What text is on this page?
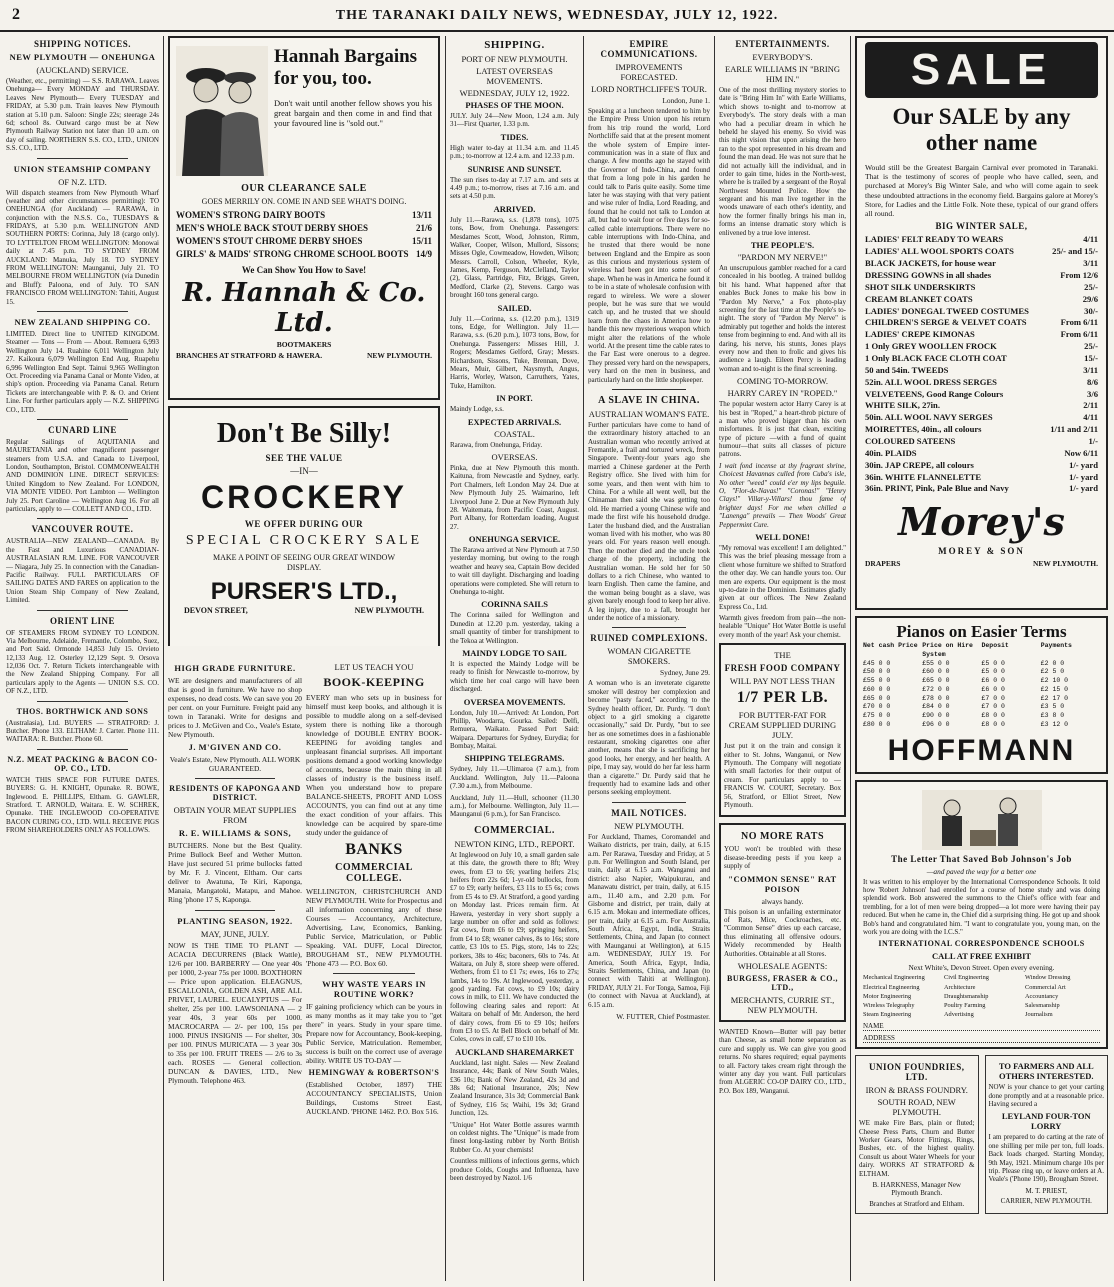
2	THE TARANAKI DAILY NEWS, WEDNESDAY, JULY 12, 1922.
SHIPPING NOTICES.
NEW PLYMOUTH — ONEHUNGA
(AUCKLAND) SERVICE.

(Weather, etc., permitting) — S.S. RARAWA. Leaves Onehunga— Every MONDAY and THURSDAY. Leaves New Plymouth— Every TUESDAY and FRIDAY, at 5.30 p.m. Train leaves New Plymouth station at 5.10 p.m. Saloon: Single 22s; steerage 24s 6d; school 8s. Outward cargo must be at New Plymouth Railway Station not later than 10 a.m. on day of sailing. NORTHERN S.S. CO., LTD., UNION S.S. CO., LTD.

UNION STEAMSHIP COMPANY
OF N.Z. LTD.

Will dispatch steamers from New Plymouth Wharf (weather and other circumstances permitting): TO ONEHUNGA (for Auckland) — RARAWA, in conjunction with the N.S.S. Co., TUESDAYS & FRIDAYS, at 5.30 p.m. WELLINGTON AND SOUTHERN PORTS: Corinna, July 18 (cargo only). TO LYTTELTON FROM WELLINGTON: Monowai daily at 7.45 p.m. TO SYDNEY FROM AUCKLAND: Manuka, July 18. TO SYDNEY FROM WELLINGTON: Maunganui, July 21. TO MELBOURNE FROM WELLINGTON (via Dunedin and Bluff): Paloona, end of July. TO SAN FRANCISCO FROM WELLINGTON: Tahiti, August 15.

NEW ZEALAND SHIPPING CO.

LIMITED. Direct line to UNITED KINGDOM. Steamer — Tons — From — About. Remuera 6,993 Wellington July 14. Ruahine 6,011 Wellington July 27. Kaikoura 6,079 Wellington End Aug. Ruapehu 6,996 Wellington End Sept. Tainui 9,965 Wellington Oct. Proceeding via Panama Canal or Monte Video, at ship's option. Proceeding via Panama Canal. Return Tickets are interchangeable with P. & O. and Orient Line. For further particulars apply — N.Z. SHIPPING CO., LTD.

CUNARD LINE

Regular Sailings of AQUITANIA and MAURETANIA and other magnificent passenger steamers from U.S.A. and Canada to Liverpool, London, Southampton, Bristol. COMMONWEALTH AND DOMINION LINE. DIRECT SERVICES: United Kingdom to New Zealand. For LONDON, VIA MONTE VIDEO. Port Lambton — Wellington July 25. Port Caroline — Wellington Aug 16. For all particulars, apply to — COLLETT AND CO., LTD.

VANCOUVER ROUTE.

AUSTRALIA—NEW ZEALAND—CANADA. By the Fast and Luxurious CANADIAN-AUSTRALASIAN R.M. LINE. FOR VANCOUVER — Niagara, July 25. In connection with the Canadian-Pacific Railway. FULL PARTICULARS OF SAILING DATES AND FARES on application to the Union Steam Ship Company of New Zealand, Limited.

ORIENT LINE

OF STEAMERS FROM SYDNEY TO LONDON. Via Melbourne, Adelaide, Fremantle, Colombo, Suez, and Port Said. Ormonde 14,853 July 15. Orvieto 12,133 Aug. 12. Osterley 12,129 Sept. 9. Orsova 12,036 Oct. 7. Return Tickets interchangeable with the New Zealand Shipping Company. For all particulars apply to the Agents — UNION S.S. CO. OF N.Z., LTD.

THOS. BORTHWICK AND SONS

(Australasia), Ltd. BUYERS — STRATFORD: J. Butcher. Phone 133. ELTHAM: J. Carter. Phone 111. WAITARA: R. Butcher. Phone 60.

N.Z. MEAT PACKING & BACON CO-OP. CO., LTD.

WATCH THIS SPACE FOR FUTURE DATES. BUYERS: G. H. KNIGHT, Opunake. R. BOWE, Inglewood. E. PHILLIPS, Eltham. G. GAWLER, Stratford. T. ARNOLD, Waitara. E. W. SCHREK, Opunake. THE INGLEWOOD CO-OPERATIVE BACON CURING CO., LTD. WILL RECEIVE PIGS FROM SHAREHOLDERS ONLY AS FOLLOWS.

Hannah Bargains for you, too.

Don't wait until another fellow shows you his great bargain and then come in and find that your favoured line is "sold out."

OUR CLEARANCE SALE
GOES MERRILY ON. COME IN AND SEE WHAT'S DOING.
WOMEN'S STRONG DAIRY BOOTS	13/11
MEN'S WHOLE BACK STOUT DERBY SHOES	21/6
WOMEN'S STOUT CHROME DERBY SHOES	15/11
GIRLS' & MAIDS' STRONG CHROME SCHOOL BOOTS 14/9
We Can Show You How to Save!
R. Hannah & Co. Ltd.
BOOTMAKERS
BRANCHES AT STRATFORD & HAWERA.	NEW PLYMOUTH.
Don't Be Silly!
SEE THE VALUE
—IN—
CROCKERY
WE OFFER DURING OUR
SPECIAL CROCKERY SALE
MAKE A POINT OF SEEING OUR GREAT WINDOW DISPLAY.
PURSER'S LTD.,
DEVON STREET,	NEW PLYMOUTH.
HIGH GRADE FURNITURE.

WE are designers and manufacturers of all that is good in furniture. We have no shop expenses, no dead costs. We can save you 20 per cent. on your Furniture. Freight paid any town in Taranaki. Write for designs and prices to J. McGiven and Co., Veale's Estate, New Plymouth.

J. M'GIVEN AND CO.
Veale's Estate, New Plymouth. ALL WORK GUARANTEED.
RESIDENTS OF KAPONGA AND DISTRICT.
OBTAIN YOUR MEAT SUPPLIES FROM
R. E. WILLIAMS & SONS,

BUTCHERS. None but the Best Quality. Prime Bullock Beef and Wether Mutton. Have just secured 51 prime bullocks fatted by Mr. F. J. Vincent, Eltham. Our carts deliver to Awatuna, Te Kiri, Kaponga, Manaia, Mangatoki, Matapu, and Mahoe. Ring 'phone 17 S, Kaponga.

PLANTING SEASON, 1922.
MAY, JUNE, JULY.

NOW IS THE TIME TO PLANT — ACACIA DECURRENS (Black Wattle), 12/6 per 100. BARBERRY — One year 40s per 1000, 2-year 75s per 1000. BOXTHORN — Price upon application. ELEAGNUS, ESCALLONIA, GOLDEN ASH, ARE ALL PRIVET, LAUREL. EUCALYPTUS — For shelter, 25s per 100. LAWSONIANA — 2 year 40s, 3 year 60s per 1000. MACROCARPA — 2/- per 100, 15s per 1000. PINUS INSIGNIS — For shelter, 30s per 100. PINUS MURICATA — 3 year 30s to 35s per 100. FRUIT TREES — 2/6 to 3s each. ROSES — General collection. DUNCAN & DAVIES, LTD., New Plymouth. Telephone 463.

LET US TEACH YOU
BOOK-KEEPING

EVERY man who sets up in business for himself must keep books, and although it is possible to muddle along on a self-devised system there is nothing like a thorough knowledge of DOUBLE ENTRY BOOK-KEEPING for avoiding tangles and unpleasant financial surprises. All important positions demand a good working knowledge of accounts, because the main thing in all classes of industry is the business itself. When you understand how to prepare BALANCE-SHEETS, PROFIT AND LOSS ACCOUNTS, you can find out at any time the exact condition of your affairs. This knowledge can be acquired by spare-time study under the guidance of

BANKS
COMMERCIAL COLLEGE.

WELLINGTON, CHRISTCHURCH AND NEW PLYMOUTH. Write for Prospectus and all information concerning any of these Courses — Accountancy, Architecture, Advertising, Law, Economics, Banking, Public Service, Matriculation, or Public Speaking. VAL DUFF, Local Director, BROUGHAM ST., NEW PLYMOUTH. 'Phone 473 — P.O. Box 60.

WHY WASTE YEARS IN ROUTINE WORK?

IF gaining proficiency which can be yours in as many months as it may take you to "get there" in years. Study in your spare time. Prepare now for Accountancy, Book-keeping, Public Service, Matriculation. Remember, success is built on the correct use of average ability. WRITE US TO-DAY —

HEMINGWAY & ROBERTSON'S

(Established October, 1897) THE ACCOUNTANCY SPECIALISTS, Union Buildings, Customs Street East, AUCKLAND. 'PHONE 1462. P.O. Box 516.

SHIPPING.
PORT OF NEW PLYMOUTH.
LATEST OVERSEAS MOVEMENTS.
WEDNESDAY, JULY 12, 1922.
PHASES OF THE MOON.

JULY. July 24—New Moon, 1.24 a.m. July 31—First Quarter, 1.33 p.m.

TIDES.

High water to-day at 11.34 a.m. and 11.45 p.m.; to-morrow at 12.4 a.m. and 12.33 p.m.

SUNRISE AND SUNSET.

The sun rises to-day at 7.17 a.m. and sets at 4.49 p.m.; to-morrow, rises at 7.16 a.m. and sets at 4.50 p.m.

ARRIVED.

July 11.—Rarawa, s.s. (1,878 tons), 1075 tons, Bow, from Onehunga. Passengers: Mesdames Scott, Wood, Johnston, Rimm, Walker, Cooper, Wilson, Mullord, Sissons; Misses Ogle, Cowmeadow, Howden, Wilson; Messrs. Carroll, Colson, Wheeler, Kyle, James, Kemp, Ferguson, McClelland, Taylor (2), Glass, Partridge, Fitz, Briggs, Green, Medford, Clarke (2), Stevens. Cargo was brought 160 tons general cargo.

SAILED.

July 11.—Corinna, s.s. (12.20 p.m.), 1319 tons, Edge, for Wellington. July 11.—Rarawa, s.s. (6.20 p.m.), 1073 tons, Bow, for Onehunga. Passengers: Misses Hill, J. Rogers; Mesdames Gelford, Gray; Messrs. Richardson, Sissons, Tuke, Brennan, Dove, Mears, Muir, Gilbert, Naysmyth, Angus, Harris, Worley, Watson, Carruthers, Yates, Tuke, Hamilton.

IN PORT.

Maindy Lodge, s.s.

EXPECTED ARRIVALS.
COASTAL.

Rarawa, from Onehunga, Friday.

OVERSEAS.

Pinka, due at New Plymouth this month. Kaituna, from Newcastle and Sydney, early. Port Chalmers, left London May 24. Due at New Plymouth July 25. Waimarino, left Liverpool June 2. Due at New Plymouth July 28. Waitemata, from Pacific Coast, August. Port Albany, for Rotterdam loading, August 27.

ONEHUNGA SERVICE.

The Rarawa arrived at New Plymouth at 7.50 yesterday morning, but owing to the rough weather and heavy sea, Captain Bow decided to wait till daylight. Discharging and loading operations were completed. She will return to Onehunga to-night.

CORINNA SAILS

The Corinna sailed for Wellington and Dunedin at 12.20 p.m. yesterday, taking a small quantity of timber for transhipment to the Tekoa at Wellington.

MAINDY LODGE TO SAIL

It is expected the Maindy Lodge will be ready to finish for Newcastle to-morrow, by which time her coal cargo will have been discharged.

OVERSEA MOVEMENTS.

London, July 10.—Arrived: At London, Port Phillip, Woodarra, Gourka. Sailed: Delfi, Remuera, Waikato. Passed Port Said: Waipara. Departures for Sydney, Eurydia; for Bombay, Maitai.

SHIPPING TELEGRAMS.

Sydney, July 11.—Ulimaroa (7 a.m.), from Auckland. Wellington, July 11.—Paloona (7.30 a.m.), from Melbourne.

Auckland, July 11.—Hull, schooner (11.30 a.m.), for Melbourne. Wellington, July 11.—Maunganui (6 p.m.), for San Francisco.

COMMERCIAL.
NEWTON KING, LTD., REPORT.

At Inglewood on July 10, a small garden sale at this date, the growth there to 8ft; Wrey ewes, from £3 to £6; yearling heifers 21s; heifers from 22s 6d; 1-yr-old bullocks, from £7 to £9; early heifers, £3 11s to £5 6s; cows from £5 4s to £9. At Stratford, a good yarding on Monday last. Prices remain firm. At Hawera, yesterday in very short supply a large number on offer and sold as follows: Fat cows, from £6 to £9; springing heifers, from £4 to £8; weaner calves, 8s to 16s; store cattle, £3 10s to £5. Pigs, store, 14s to 22s; porkers, 38s to 46s; baconers, 60s to 74s. At Waitara, on July 8, store sheep were offered. Wethers, from £1 to £1 7s; ewes, 16s to 27s; lambs, 14s to 19s. At Inglewood, yesterday, a good yarding. Fat cows, to £9 10s; dairy cows in milk, to £11. We have conducted the following clearing sales and report: At Waitara on behalf of Mr. Anderson, the herd of dairy cows, from £6 to £9 10s; heifers from £3 to £5. At Bell Block on behalf of Mr. Coles, cows in calf, £7 to £10 10s.

AUCKLAND SHAREMARKET

Auckland, last night. Sales — New Zealand Insurance, 44s; Bank of New South Wales, £36 10s; Bank of New Zealand, 42s 3d and 38s 6d; National Insurance, 20s; New Zealand Insurance, 31s 3d; Commercial Bank of Sydney, £16 5s; Waihi, 19s 3d; Grand Junction, 12s.

"Unique" Hot Water Bottle assures warmth on coldest nights. The "Unique" is made from finest long-lasting rubber by North British Rubber Co. At your chemists!

Countless millions of infectious germs, which produce Colds, Coughs and Influenza, have been destroyed by Nazol. 1/6

EMPIRE COMMUNICATIONS.
IMPROVEMENTS FORECASTED.
LORD NORTHCLIFFE'S TOUR.
London, June 1.

Speaking at a luncheon tendered to him by the Empire Press Union upon his return from his trip round the world, Lord Northcliffe said that at the present moment the whole system of Empire inter-communication was in a state of flux and change. A few months ago he stayed with the Governor of Indo-China, and found that from a long pole in his garden he could talk to Paris quite easily. Some time later he was staying with that very patient and wise ruler of India, Lord Reading, and found that he could not talk to London at all, but had to wait four or five days for so-called cable interruptions. There were no cable interruptions with Indo-China, and he trusted that there would be none between England and the Empire as soon as this curious and mysterious system of wireless had been got into some sort of shape. When he was in America he found it to be in a state of wholesale confusion with regard to wireless. We were a slower people, but he was sure that we would catch up, and he trusted that we should learn from the chaos in America how to handle this new mysterious weapon which might alter the relations of the whole world. At the present time the cable rates to the Far East were onerous to a degree. They pressed very hard on the newspapers, very hard on the men in business, and particularly hard on the little shopkeeper.

A SLAVE IN CHINA.
AUSTRALIAN WOMAN'S FATE.

Further particulars have come to hand of the extraordinary history attached to an Australian woman who recently arrived at Fremantle, a frail and tortured wreck, from Singapore. Twenty-four years ago she married a Chinese gardener at the Perth Registry office. She lived with him for some years, and then went with him to China. For a while all went well, but the Chinaman then said she was getting too old. He married a young Chinese wife and made the first wife his household drudge. Later the husband died, and the Australian woman lived with his mother, who was 80 years old. For years reason well enough. Then the mother died and the uncle took charge of the property, including the Australian woman. He sold her for 50 dollars to a rich Chinese, who wanted to learn English. Then came the famine, and the woman being bought as a slave, was given barely enough food to keep her alive. A leg injury, due to a fall, brought her under the notice of a missionary.

RUINED COMPLEXIONS.
WOMAN CIGARETTE SMOKERS.
Sydney, June 29.

A woman who is an inveterate cigarette smoker will destroy her complexion and become "pasty faced," according to the Sydney health officer, Dr. Purdy. "I don't object to a girl smoking a cigarette occasionally," said Dr. Purdy, "but to see her as one sometimes does in a fashionable restaurant, smoking cigarettes one after another, means that she is sacrificing her good looks, her energy, and her health. A pipe, I may say, would do her far less harm than a cigarette." Dr. Purdy said that he frequently had to examine lads and other persons seeking employment.

MAIL NOTICES.
NEW PLYMOUTH.

For Auckland, Thames, Coromandel and Waikato districts, per train, daily, at 6.15 a.m. Per Rarawa, Tuesday and Friday, at 5 p.m. For Wellington and South Island, per train, daily at 6.15 a.m. Wanganui and district: also Napier, Waipukurau, and Manawatu district, per train, daily, at 6.15 a.m., 11.40 a.m., and 2.20 p.m. For Gisborne and district, per train, daily at 6.15 a.m. Mokau and intermediate offices, per train, daily at 6.15 a.m. For Australia, South Africa, Egypt, India, Straits Settlements, China, and Japan (to connect with Maunganui at Wellington), at 6.15 a.m. WEDNESDAY, JULY 19. For America, South Africa, Egypt, India, Straits Settlements, China, and Japan (to connect with Tahiti at Wellington). FRIDAY, JULY 21. For Tonga, Samoa, Fiji (to connect with Navua at Auckland), at 6.15 a.m.

W. FUTTER, Chief Postmaster.
ENTERTAINMENTS.
EVERYBODY'S.
EARLE WILLIAMS IN "BRING HIM IN."

One of the most thrilling mystery stories to date is "Bring Him In" with Earle Williams, which shows to-night and to-morrow at Everybody's. The story deals with a man who had a peculiar dream in which he beheld he slayed his enemy. So vivid was this night vision that upon arising the hero ran to the spot represented in his dream and found the man dead. He was not sure that he did not actually kill the individual, and in order to gain time, hides in the North-west, where he is trailed by a sergeant of the Royal Northwest Mounted Police. How the sergeant and his man live together in the woods unaware of each other's identity, and how the former finally brings his man in, forms an intense dramatic story which is enlivened by a true love interest.

THE PEOPLE'S.
"PARDON MY NERVE!"

An unscrupulous gambler reached for a card concealed in his bootleg. A trained bulldog bit his hand. What happened after that enables Buck Jones to make his bow in "Pardon My Nerve," a Fox photo-play screening for the last time at the People's to-night. The story of "Pardon My Nerve" is admirably put together and holds the interest tense from beginning to end. And with all its daring, his nerve, his stunts, Jones plays every now and then to frolic and gives his audience a laugh. Eileen Percy is leading woman and to-night is the final screening.

COMING TO-MORROW.
HARRY CAREY IN "ROPED."

The popular western actor Harry Carey is at his best in "Roped," a heart-throb picture of a man who proved bigger than his own misfortunes. It is just that clean, exciting type of picture —with a fund of quaint humour—that suits all classes of picture patrons.

I wait fond incense at thy fragrant shrine, Choicest Havannas culled from Cuba's isle, No other "weed" could e'er my lips beguile. O, "Flor-de-Navas!" "Coronas!" "Henry Clays!" Villar-y-Villars! thou fame of brighter days! For me when chilled a "Lanenga" prevails — Then Woods' Great Peppermint Cure.

WELL DONE!

"My removal was excellent! I am delighted." This was the brief pleasing message from a client whose furniture we shifted to Stratford the other day. We can handle yours too. Our men are experts. Our equipment is the most up-to-date in the Dominion. Estimates gladly given at our offices. The New Zealand Express Co., Ltd.

Warmth gives freedom from pain—the non-healable "Unique" Hot Water Bottle is useful every month of the year! Ask your chemist.

THE
FRESH FOOD COMPANY
WILL PAY NOT LESS THAN
1/7 PER LB.
FOR BUTTER-FAT FOR CREAM SUPPLIED DURING JULY.

Just put it on the train and consign it either to St. Johns, Wanganui, or New Plymouth. The Company will negotiate with small factories for their output of cream. For particulars apply to — FRANCIS W. COURT, Secretary. Box 56, Stratford, or Elliot Street, New Plymouth.

NO MORE RATS

YOU won't be troubled with these disease-breeding pests if you keep a supply of

"COMMON SENSE" RAT POISON
always handy.

This poison is an unfailing exterminator of Rats, Mice, Cockroaches, etc. "Common Sense" dries up each carcase, thus eliminating all offensive odours. Widely recommended by Health Authorities. Obtainable at all Stores.

WHOLESALE AGENTS:
BURGESS, FRASER & CO., LTD.,
MERCHANTS, CURRIE ST., NEW PLYMOUTH.

WANTED Known—Butter will pay better than Cheese, as small home separation as cure and supply us. We can give you good returns. No shares required; equal payments to all. Factory takes cream right through the winter any day you want. Full particulars from ALGERIC CO-OP DAIRY CO., LTD., P.O. Box 189, Wanganui.

SALE
Our SALE by any other name

Would still be the Greatest Bargain Carnival ever promoted in Taranaki. That is the testimony of scores of people who have called, seen, and purchased at Morey's Big Winter Sale, and who will come again to seek these undoubted attractions in the economy field. Bargains galore at Morey's Store, for Ladies and the Little Folk. Note these, typical of our grand offers all round.

BIG WINTER SALE,
LADIES' FELT READY TO WEARS	4/11
LADIES' ALL WOOL SPORTS COATS	25/- and 15/-
BLACK JACKETS, for house wear	3/11
DRESSING GOWNS in all shades	From 12/6
SHOT SILK UNDERSKIRTS	25/-
CREAM BLANKET COATS	29/6
LADIES' DONEGAL TWEED COSTUMES	30/-
CHILDREN'S SERGE & VELVET COATS	From 6/11
LADIES' CREPE KIMONAS	From 6/11
1 Only GREY WOOLLEN FROCK	25/-
1 Only BLACK FACE CLOTH COAT	15/-
50 and 54in. TWEEDS	3/11
52in. ALL WOOL DRESS SERGES	8/6
VELVETEENS, Good Range Colours	3/6
WHITE SILK, 27in.	2/11
50in. ALL WOOL NAVY SERGES	4/11
MOIRETTES, 40in., all colours	1/11 and 2/11
COLOURED SATEENS	1/-
40in. PLAIDS	Now 6/11
30in. JAP CREPE, all colours	1/- yard
36in. WHITE FLANNELETTE	1/- yard
36in. PRINT, Pink, Pale Blue and Navy	1/- yard
Morey's
MOREY & SON
DRAPERS	NEW PLYMOUTH.
Pianos on Easier Terms
Net cash Price Price on Hire System
Deposit	Payments
£45 0 0	£55 0 0	£5 0 0	£2 0 0
£50 0 0	£60 0 0	£5 0 0	£2 5 0
£55 0 0	£65 0 0	£6 0 0	£2 10 0
£60 0 0	£72 0 0	£6 0 0	£2 15 0
£65 0 0	£78 0 0	£7 0 0	£2 17 0
£70 0 0	£84 0 0	£7 0 0	£3 5 0
£75 0 0	£90 0 0	£8 0 0	£3 8 0
£80 0 0	£96 0 0	£8 0 0	£3 12 0
HOFFMANN
The Letter That Saved Bob Johnson's Job
—and paved the way for a better one

It was written to his employer by the International Correspondence Schools. It told how 'Robert Johnson' had enrolled for a course of home study and was doing splendid work. Bob answered the summons to the Chief's office with fear and trembling, for a lot of men were being dropped—a lot more were having their pay reduced. But when he came in, the Chief did a surprising thing. He got up and shook Bob's hand and congratulated him. "I want to congratulate you, young man, on the work you are doing with the I.C.S."

INTERNATIONAL CORRESPONDENCE SCHOOLS
CALL AT FREE EXHIBIT
Next White's, Devon Street. Open every evening.
Mechanical Engineering	Civil Engineering	Window Dressing
Electrical Engineering	Architecture	Commercial Art
Motor Engineering	Draughtsmanship	Accountancy
Wireless Telegraphy	Poultry Farming	Salesmanship
Steam Engineering	Advertising	Journalism
NAME
ADDRESS
UNION FOUNDRIES, LTD.
IRON & BRASS FOUNDRY.
SOUTH ROAD, NEW PLYMOUTH.

WE make Fire Bars, plain or fluted; Cheese Press Parts, Churn and Butter Worker Gears, Motor Fittings, Rings, Bushes, etc. of the highest quality. Consult us about Water Wheels for your dairy. WORKS AT STRATFORD & ELTHAM.

B. HARKNESS, Manager New Plymouth Branch.
Branches at Stratford and Eltham.
TO FARMERS AND ALL OTHERS INTERESTED.

NOW is your chance to get your carting done promptly and at a reasonable price. Having secured a

LEYLAND FOUR-TON LORRY

I am prepared to do carting at the rate of one shilling per mile per ton, full loads. Back loads charged. Starting Monday, 9th May, 1921. Minimum charge 10s per trip. Please ring up, or leave orders at A. Veale's ('Phone 190), Brougham Street.

M. T. PRIEST,
CARRIER, NEW PLYMOUTH.
